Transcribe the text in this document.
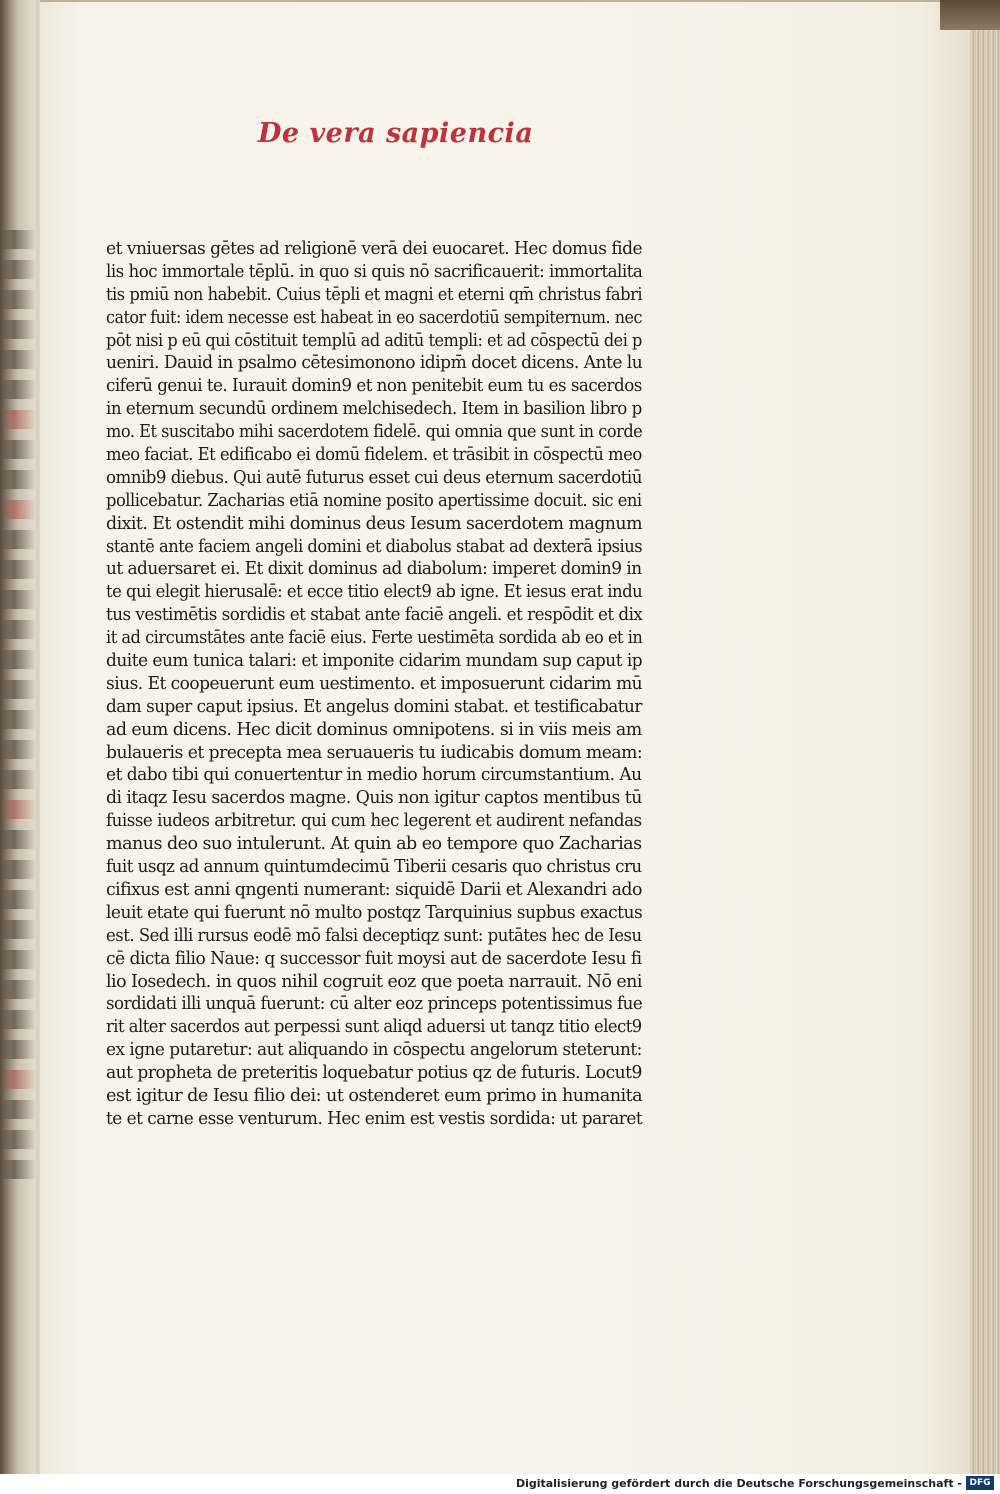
De vera sapiencia
et vniuersas gētes ad religionē verā dei euocaret. Hec domus fide
lis hoc immortale tēplū. in quo si quis nō sacrificauerit: immortalita
tis pmiū non habebit. Cuius tēpli et magni et eterni qm̄ christus fabri
cator fuit: idem necesse est habeat in eo sacerdotiū sempiternum. nec
pōt nisi p eū qui cōstituit templū ad aditū templi: et ad cōspectū dei p
ueniri. Dauid in psalmo cētesimonono idipm̄ docet dicens. Ante lu
ciferū genui te. Iurauit domin9 et non penitebit eum tu es sacerdos
in eternum secundū ordinem melchisedech. Item in basilion libro p
mo. Et suscitabo mihi sacerdotem fidelē. qui omnia que sunt in corde
meo faciat. Et edificabo ei domū fidelem. et trāsibit in cōspectū meo
omnib9 diebus. Qui autē futurus esset cui deus eternum sacerdotiū
pollicebatur. Zacharias etiā nomine posito apertissime docuit. sic eni
dixit. Et ostendit mihi dominus deus Iesum sacerdotem magnum
stantē ante faciem angeli domini et diabolus stabat ad dexterā ipsius
ut aduersaret ei. Et dixit dominus ad diabolum: imperet domin9 in
te qui elegit hierusalē: et ecce titio elect9 ab igne. Et iesus erat indu
tus vestimētis sordidis et stabat ante faciē angeli. et respōdit et dix
it ad circumstātes ante faciē eius. Ferte uestimēta sordida ab eo et in
duite eum tunica talari: et imponite cidarim mundam sup caput ip
sius. Et coopeuerunt eum uestimento. et imposuerunt cidarim mū
dam super caput ipsius. Et angelus domini stabat. et testificabatur
ad eum dicens. Hec dicit dominus omnipotens. si in viis meis am
bulaueris et precepta mea seruaueris tu iudicabis domum meam:
et dabo tibi qui conuertentur in medio horum circumstantium. Au
di itaqz Iesu sacerdos magne. Quis non igitur captos mentibus tū
fuisse iudeos arbitretur. qui cum hec legerent et audirent nefandas
manus deo suo intulerunt. At quin ab eo tempore quo Zacharias
fuit usqz ad annum quintumdecimū Tiberii cesaris quo christus cru
cifixus est anni qngenti numerant: siquidē Darii et Alexandri ado
leuit etate qui fuerunt nō multo postqz Tarquinius supbus exactus
est. Sed illi rursus eodē mō falsi deceptiqz sunt: putātes hec de Iesu
cē dicta filio Naue: q successor fuit moysi aut de sacerdote Iesu fi
lio Iosedech. in quos nihil cogruit eoz que poeta narrauit. Nō eni
sordidati illi unquā fuerunt: cū alter eoz princeps potentissimus fue
rit alter sacerdos aut perpessi sunt aliqd aduersi ut tanqz titio elect9
ex igne putaretur: aut aliquando in cōspectu angelorum steterunt:
aut propheta de preteritis loquebatur potius qz de futuris. Locut9
est igitur de Iesu filio dei: ut ostenderet eum primo in humanita
te et carne esse venturum. Hec enim est vestis sordida: ut pararet
Digitalisierung gefördert durch die Deutsche Forschungsgemeinschaft - DFG
